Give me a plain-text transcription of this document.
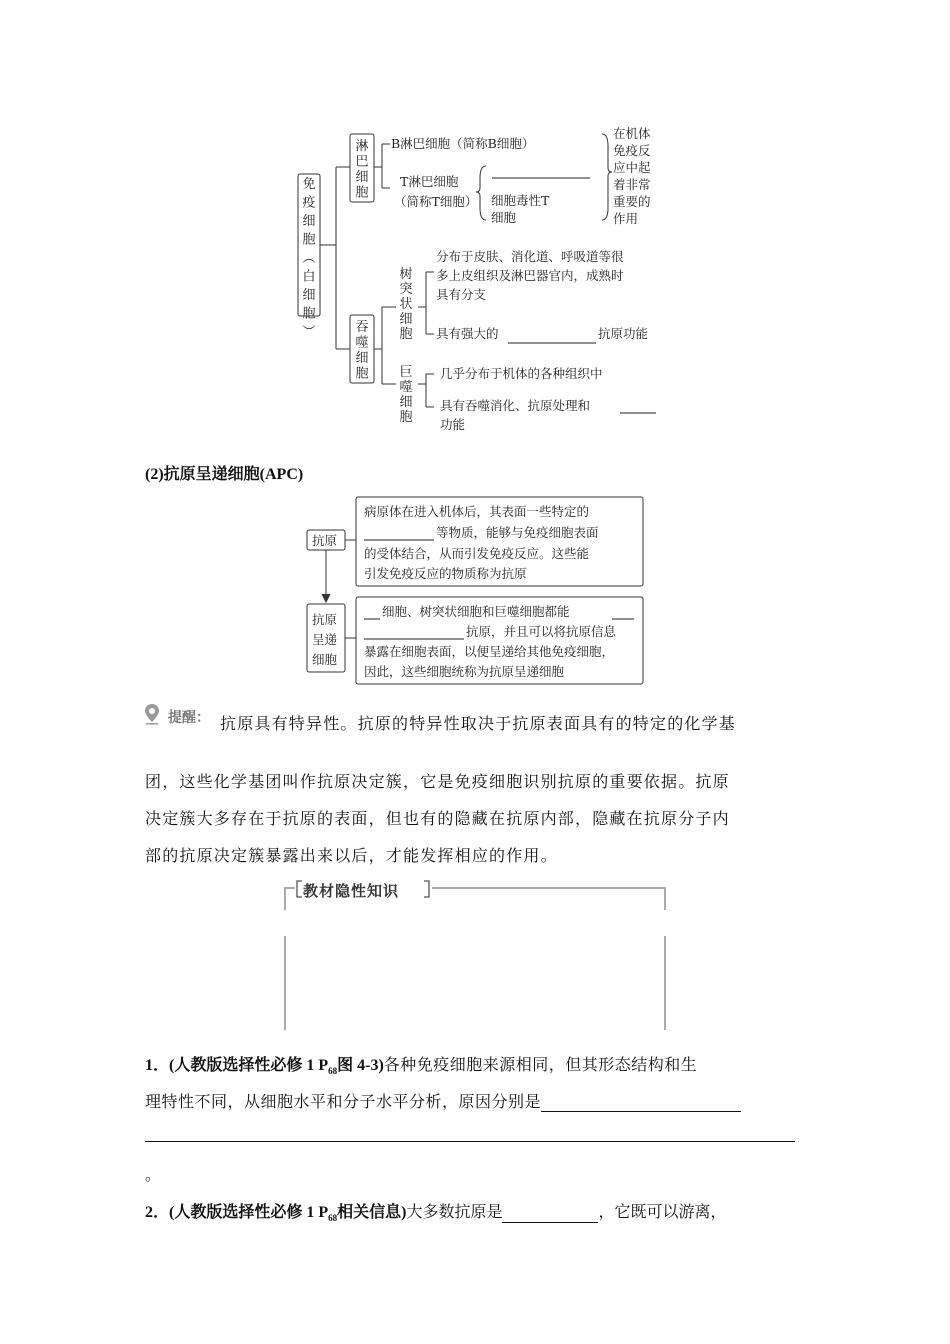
免疫细胞︵白细胞︶
淋巴细胞
吞噬细胞
树突状细胞
巨噬细胞
B淋巴细胞（简称B细胞）
T淋巴细胞
（简称T细胞） 细胞毒性T
细胞
在机体
免疫反
应中起
着非常
重要的
作用
分布于皮肤、消化道、呼吸道等很
多上皮组织及淋巴器官内，成熟时
具有分支
具有强大的	抗原功能
几乎分布于机体的各种组织中
具有吞噬消化、抗原处理和
功能
(2)抗原呈递细胞(APC)
抗原
病原体在进入机体后，其表面一些特定的
等物质，能够与免疫细胞表面
的受体结合，从而引发免疫反应。这些能
引发免疫反应的物质称为抗原
抗原
呈递
细胞
细胞、树突状细胞和巨噬细胞都能
抗原，并且可以将抗原信息
暴露在细胞表面，以便呈递给其他免疫细胞，
因此，这些细胞统称为抗原呈递细胞
提醒： 抗原具有特异性。抗原的特异性取决于抗原表面具有的特定的化学基
团，这些化学基团叫作抗原决定簇，它是免疫细胞识别抗原的重要依据。抗原
决定簇大多存在于抗原的表面，但也有的隐藏在抗原内部，隐藏在抗原分子内
部的抗原决定簇暴露出来以后，才能发挥相应的作用。
教材隐性知识
1．(人教版选择性必修 1 $P_{68}$图 4-3)各种免疫细胞来源相同，但其形态结构和生
理特性不同，从细胞水平和分子水平分析，原因分别是
。
2．(人教版选择性必修 1 $P_{68}$相关信息)大多数抗原是	，它既可以游离，
